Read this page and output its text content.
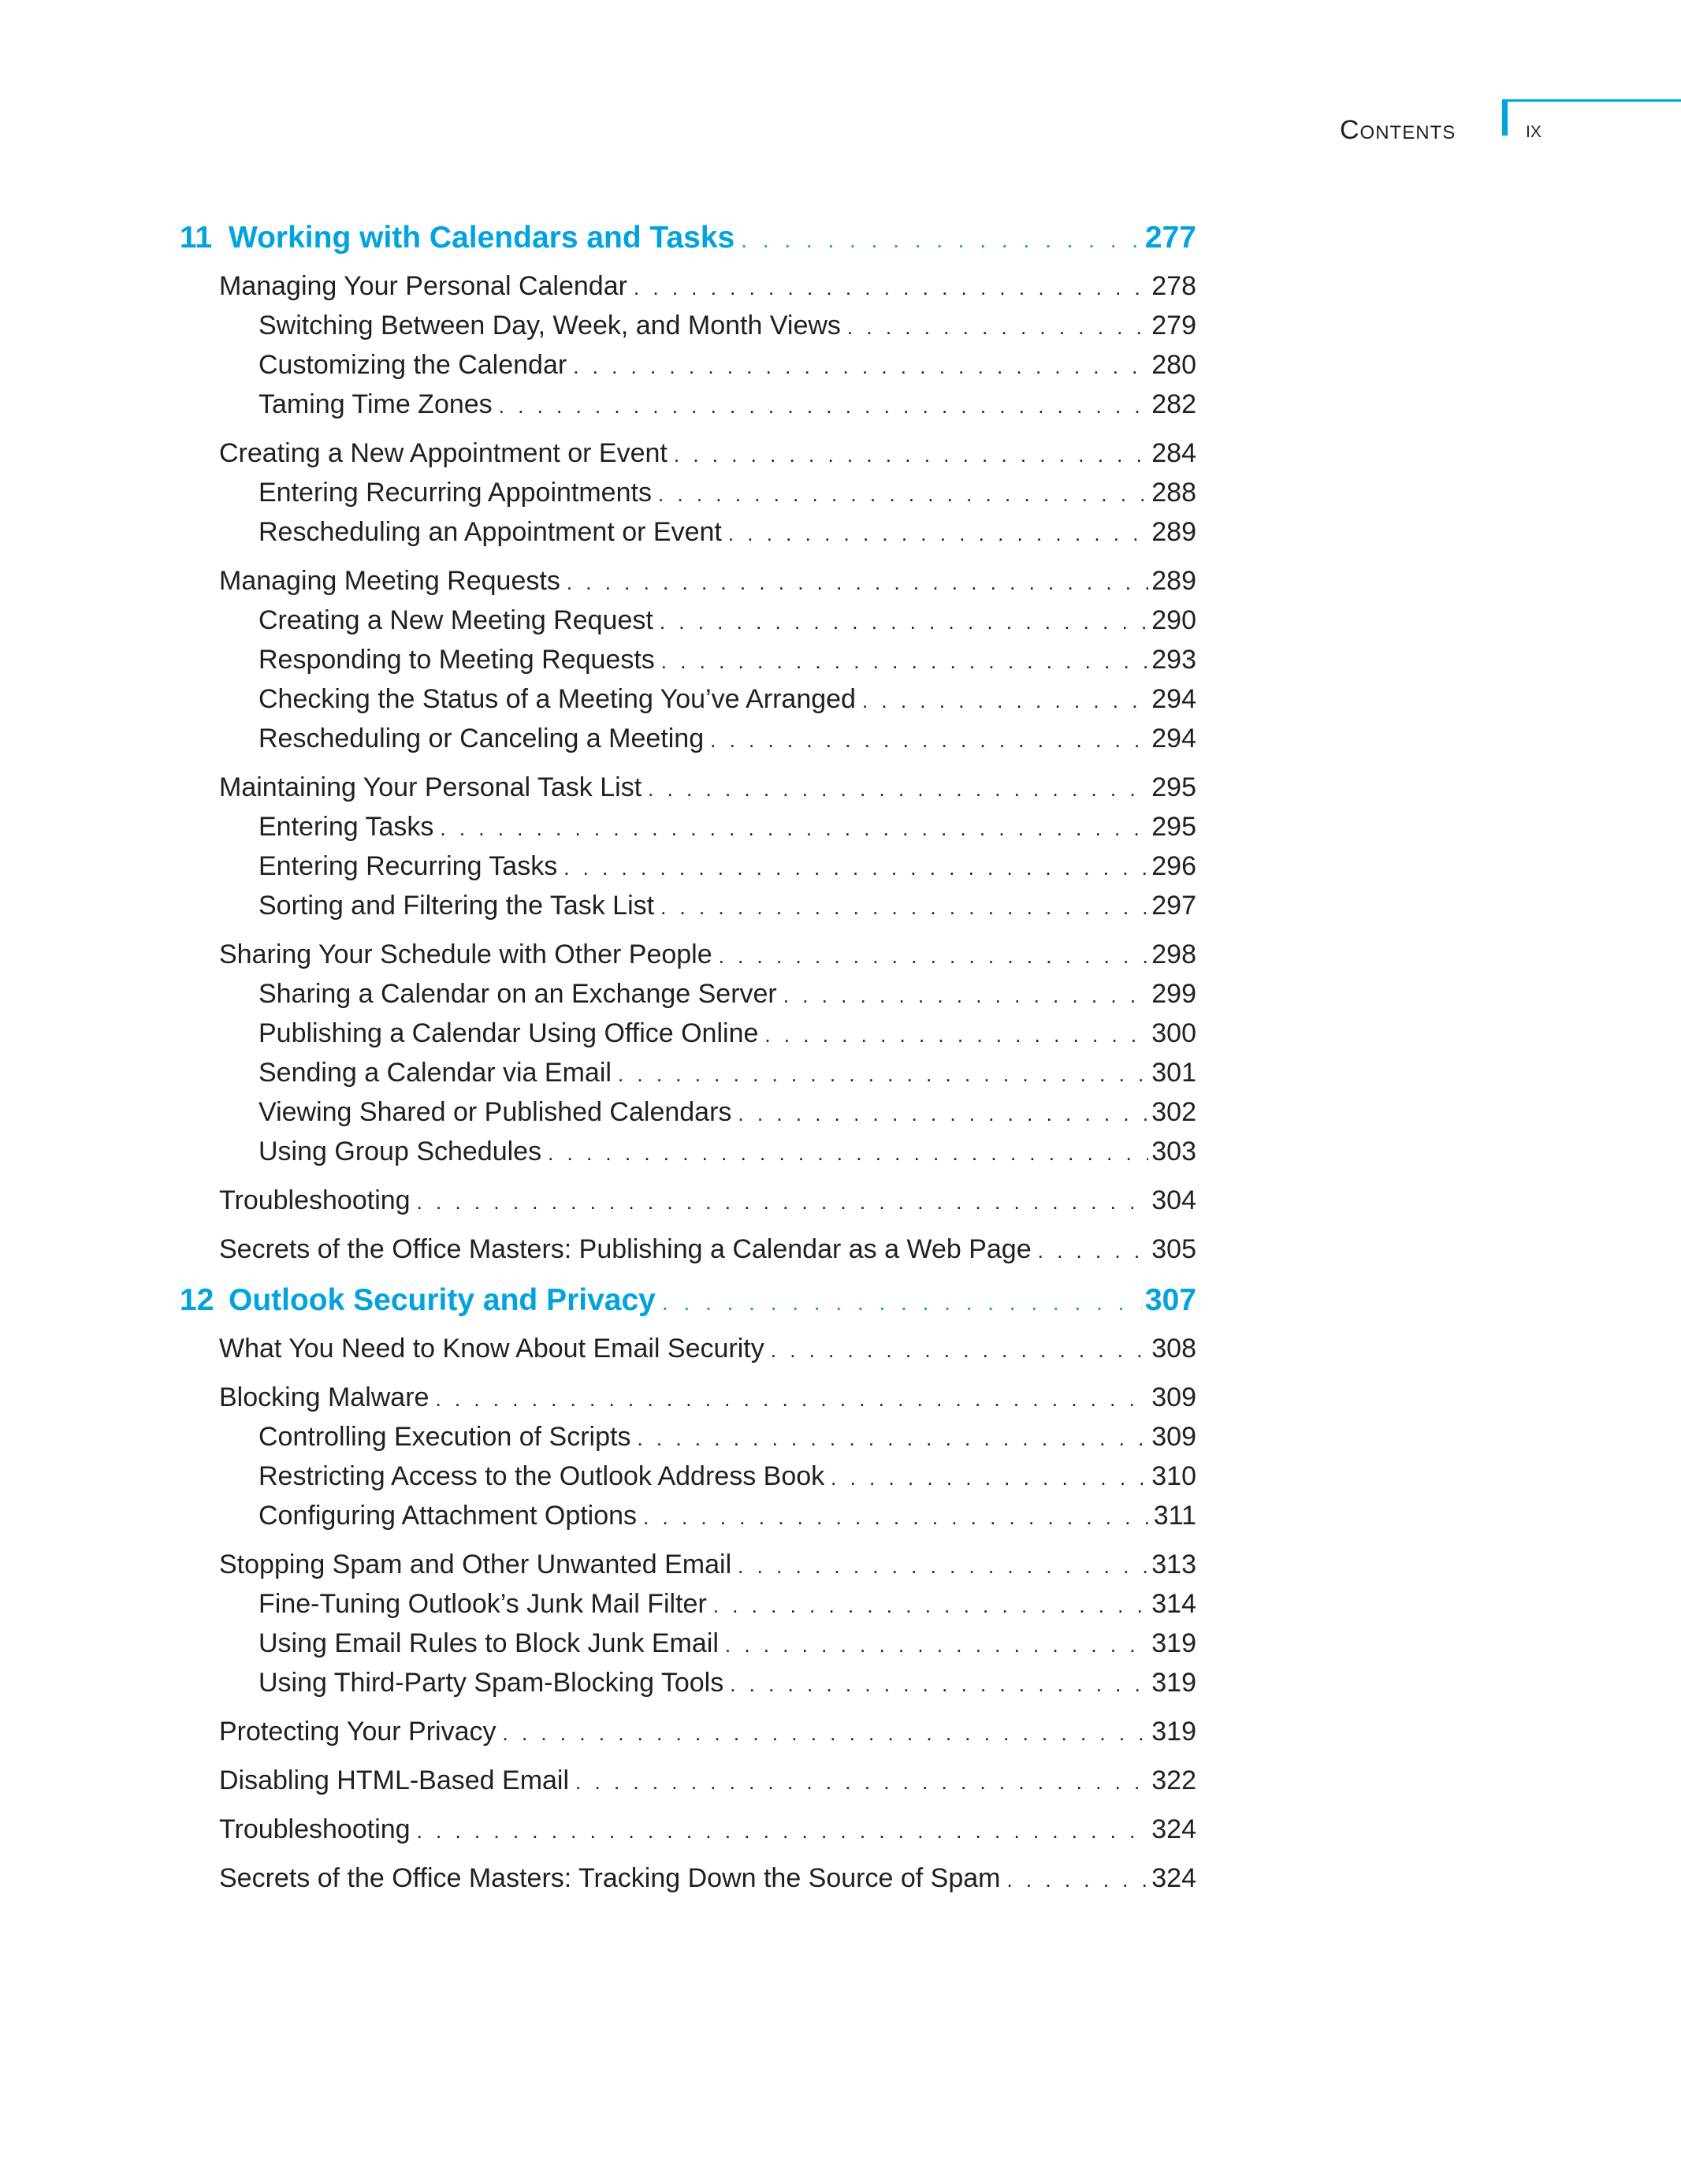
Contents	ix
11 Working with Calendars and Tasks . . .	277
Managing Your Personal Calendar . . .	278
Switching Between Day, Week, and Month Views . . .	279
Customizing the Calendar . . .	280
Taming Time Zones . . .	282
Creating a New Appointment or Event . . .	284
Entering Recurring Appointments . . .	288
Rescheduling an Appointment or Event . . .	289
Managing Meeting Requests . . .	289
Creating a New Meeting Request . . .	290
Responding to Meeting Requests . . .	293
Checking the Status of a Meeting You’ve Arranged . . .	294
Rescheduling or Canceling a Meeting . . .	294
Maintaining Your Personal Task List . . .	295
Entering Tasks . . .	295
Entering Recurring Tasks . . .	296
Sorting and Filtering the Task List . . .	297
Sharing Your Schedule with Other People . . .	298
Sharing a Calendar on an Exchange Server . . .	299
Publishing a Calendar Using Office Online . . .	300
Sending a Calendar via Email . . .	301
Viewing Shared or Published Calendars . . .	302
Using Group Schedules . . .	303
Troubleshooting . . .	304
Secrets of the Office Masters: Publishing a Calendar as a Web Page . . .	305
12 Outlook Security and Privacy . . .	307
What You Need to Know About Email Security . . .	308
Blocking Malware . . .	309
Controlling Execution of Scripts . . .	309
Restricting Access to the Outlook Address Book . . .	310
Configuring Attachment Options . . .	311
Stopping Spam and Other Unwanted Email . . .	313
Fine-Tuning Outlook’s Junk Mail Filter . . .	314
Using Email Rules to Block Junk Email . . .	319
Using Third-Party Spam-Blocking Tools . . .	319
Protecting Your Privacy . . .	319
Disabling HTML-Based Email . . .	322
Troubleshooting . . .	324
Secrets of the Office Masters: Tracking Down the Source of Spam . . .	324
